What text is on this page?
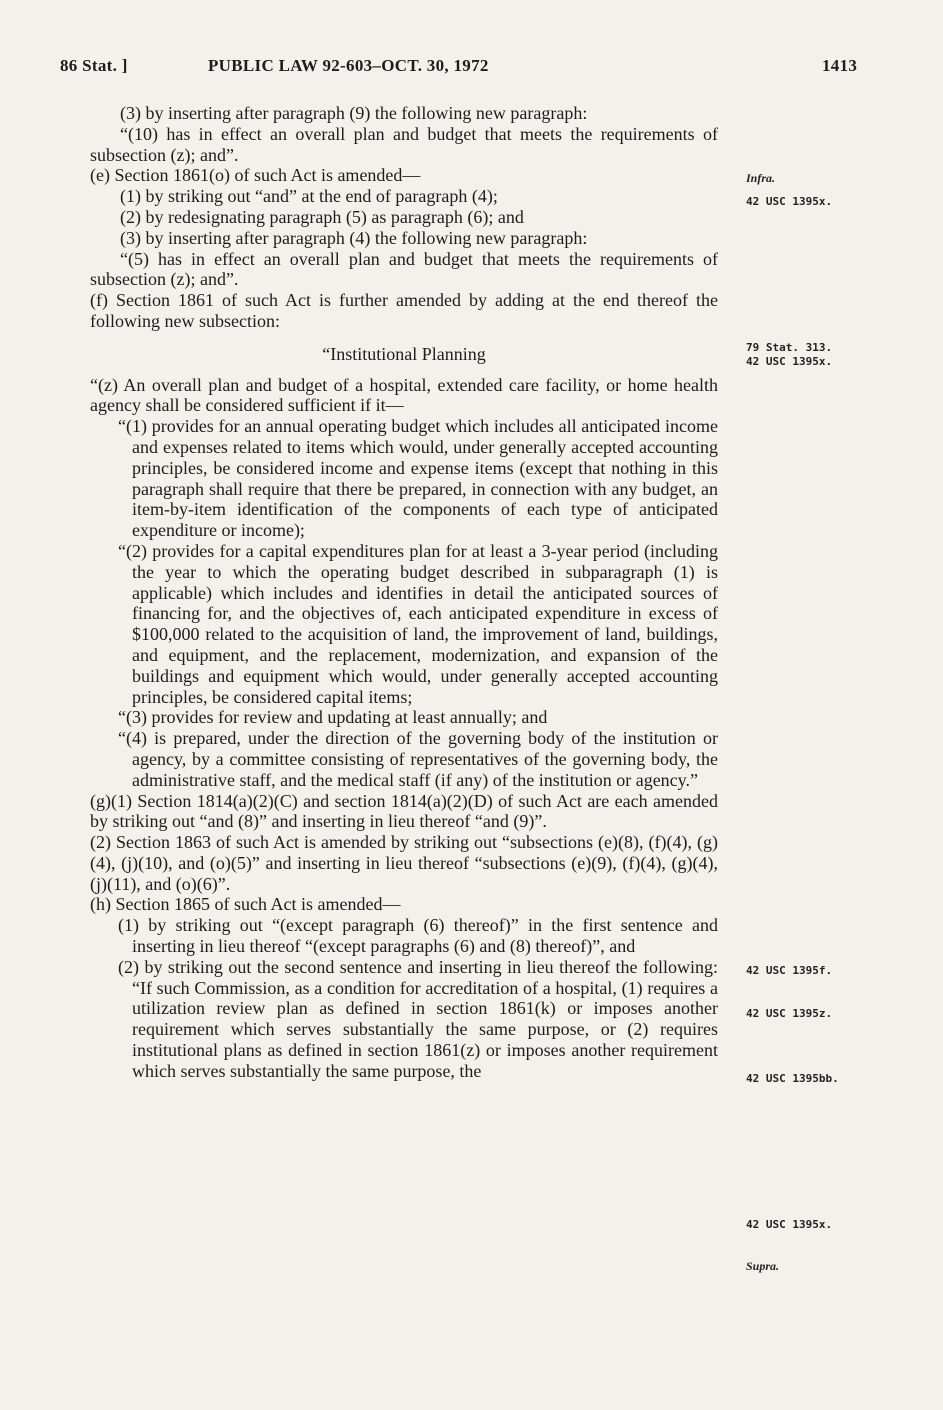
86 Stat. ]	PUBLIC LAW 92-603–OCT. 30, 1972	1413

(3) by inserting after paragraph (9) the following new paragraph:

“(10) has in effect an overall plan and budget that meets the requirements of subsection (z); and”.

(e) Section 1861(o) of such Act is amended—

(1) by striking out “and” at the end of paragraph (4);

(2) by redesignating paragraph (5) as paragraph (6); and

(3) by inserting after paragraph (4) the following new paragraph:

“(5) has in effect an overall plan and budget that meets the requirements of subsection (z); and”.

(f) Section 1861 of such Act is further amended by adding at the end thereof the following new subsection:

“Institutional Planning

“(z) An overall plan and budget of a hospital, extended care facility, or home health agency shall be considered sufficient if it—

“(1) provides for an annual operating budget which includes all anticipated income and expenses related to items which would, under generally accepted accounting principles, be considered income and expense items (except that nothing in this paragraph shall require that there be prepared, in connection with any budget, an item-by-item identification of the components of each type of anticipated expenditure or income);

“(2) provides for a capital expenditures plan for at least a 3-year period (including the year to which the operating budget described in subparagraph (1) is applicable) which includes and identifies in detail the anticipated sources of financing for, and the objectives of, each anticipated expenditure in excess of $100,000 related to the acquisition of land, the improvement of land, buildings, and equipment, and the replacement, modernization, and expansion of the buildings and equipment which would, under generally accepted accounting principles, be considered capital items;

“(3) provides for review and updating at least annually; and

“(4) is prepared, under the direction of the governing body of the institution or agency, by a committee consisting of representatives of the governing body, the administrative staff, and the medical staff (if any) of the institution or agency.”

(g)(1) Section 1814(a)(2)(C) and section 1814(a)(2)(D) of such Act are each amended by striking out “and (8)” and inserting in lieu thereof “and (9)”.

(2) Section 1863 of such Act is amended by striking out “subsections (e)(8), (f)(4), (g)(4), (j)(10), and (o)(5)” and inserting in lieu thereof “subsections (e)(9), (f)(4), (g)(4), (j)(11), and (o)(6)”.

(h) Section 1865 of such Act is amended—

(1) by striking out “(except paragraph (6) thereof)” in the first sentence and inserting in lieu thereof “(except paragraphs (6) and (8) thereof)”, and

(2) by striking out the second sentence and inserting in lieu thereof the following: “If such Commission, as a condition for accreditation of a hospital, (1) requires a utilization review plan as defined in section 1861(k) or imposes another requirement which serves substantially the same purpose, or (2) requires institutional plans as defined in section 1861(z) or imposes another requirement which serves substantially the same purpose, the

Infra.
42 USC 1395x.
79 Stat. 313.
42 USC 1395x.
42 USC 1395f.
42 USC 1395z.
42 USC 1395bb.
42 USC 1395x.
Supra.
